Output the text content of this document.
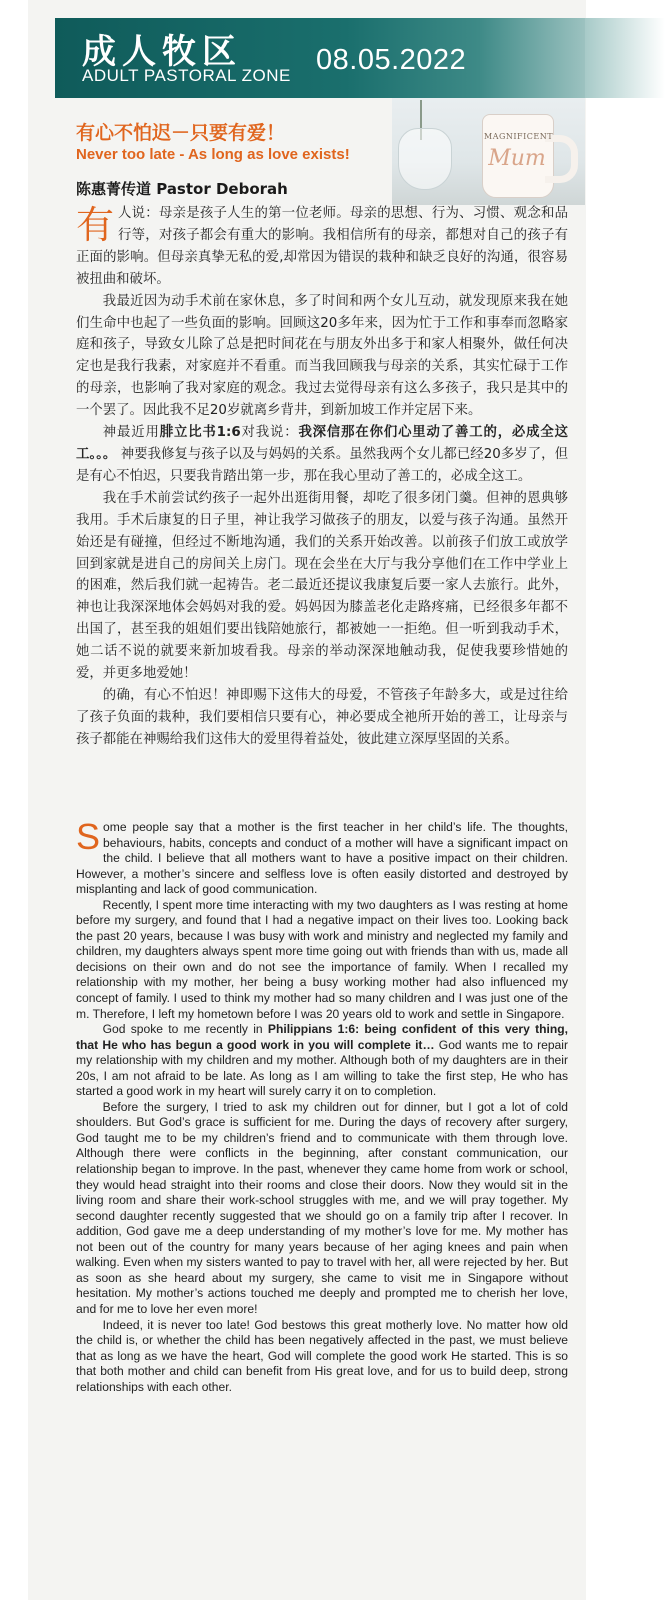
成人牧区
ADULT PASTORAL ZONE 08.05.2022
MAGNIFICENT
Mum
有心不怕迟－只要有爱！
Never too late - As long as love exists!
陈惠菁传道 Pastor Deborah

有人说：母亲是孩子人生的第一位老师。母亲的思想、行为、习惯、观念和品行等，对孩子都会有重大的影响。我相信所有的母亲，都想对自己的孩子有正面的影响。但母亲真挚无私的爱,却常因为错误的栽种和缺乏良好的沟通，很容易被扭曲和破坏。

我最近因为动手术前在家休息，多了时间和两个女儿互动，就发现原来我在她们生命中也起了一些负面的影响。回顾这20多年来，因为忙于工作和事奉而忽略家庭和孩子，导致女儿除了总是把时间花在与朋友外出多于和家人相聚外，做任何决定也是我行我素，对家庭并不看重。而当我回顾我与母亲的关系，其实忙碌于工作的母亲，也影响了我对家庭的观念。我过去觉得母亲有这么多孩子，我只是其中的一个罢了。因此我不足20岁就离乡背井，到新加坡工作并定居下来。

神最近用腓立比书1:6对我说：我深信那在你们心里动了善工的，必成全这工。。。 神要我修复与孩子以及与妈妈的关系。虽然我两个女儿都已经20多岁了，但是有心不怕迟，只要我肯踏出第一步，那在我心里动了善工的，必成全这工。

我在手术前尝试约孩子一起外出逛街用餐，却吃了很多闭门羹。但神的恩典够我用。手术后康复的日子里，神让我学习做孩子的朋友，以爱与孩子沟通。虽然开始还是有碰撞，但经过不断地沟通，我们的关系开始改善。以前孩子们放工或放学回到家就是进自己的房间关上房门。现在会坐在大厅与我分享他们在工作中学业上的困难，然后我们就一起祷告。老二最近还提议我康复后要一家人去旅行。此外，神也让我深深地体会妈妈对我的爱。妈妈因为膝盖老化走路疼痛，已经很多年都不出国了，甚至我的姐姐们要出钱陪她旅行，都被她一一拒绝。但一听到我动手术，她二话不说的就要来新加坡看我。母亲的举动深深地触动我，促使我要珍惜她的爱，并更多地爱她！

的确，有心不怕迟！神即赐下这伟大的母爱，不管孩子年龄多大，或是过往给了孩子负面的栽种，我们要相信只要有心，神必要成全祂所开始的善工，让母亲与孩子都能在神赐给我们这伟大的爱里得着益处，彼此建立深厚坚固的关系。

Some people say that a mother is the first teacher in her child’s life. The thoughts, behaviours, habits, concepts and conduct of a mother will have a significant impact on the child. I believe that all mothers want to have a positive impact on their children. However, a mother’s sincere and selfless love is often easily distorted and destroyed by misplanting and lack of good communication.

Recently, I spent more time interacting with my two daughters as I was resting at home before my surgery, and found that I had a negative impact on their lives too. Looking back the past 20 years, because I was busy with work and ministry and neglected my family and children, my daughters always spent more time going out with friends than with us, made all decisions on their own and do not see the importance of family. When I recalled my relationship with my mother, her being a busy working mother had also influenced my concept of family. I used to think my mother had so many children and I was just one of the m. Therefore, I left my hometown before I was 20 years old to work and settle in Singapore.

God spoke to me recently in Philippians 1:6: being confident of this very thing, that He who has begun a good work in you will complete it… God wants me to repair my relationship with my children and my mother. Although both of my daughters are in their 20s, I am not afraid to be late. As long as I am willing to take the first step, He who has started a good work in my heart will surely carry it on to completion.

Before the surgery, I tried to ask my children out for dinner, but I got a lot of cold shoulders. But God’s grace is sufficient for me. During the days of recovery after surgery, God taught me to be my children’s friend and to communicate with them through love. Although there were conflicts in the beginning, after constant communication, our relationship began to improve. In the past, whenever they came home from work or school, they would head straight into their rooms and close their doors. Now they would sit in the living room and share their work-school struggles with me, and we will pray together. My second daughter recently suggested that we should go on a family trip after I recover. In addition, God gave me a deep understanding of my mother’s love for me. My mother has not been out of the country for many years because of her aging knees and pain when walking. Even when my sisters wanted to pay to travel with her, all were rejected by her. But as soon as she heard about my surgery, she came to visit me in Singapore without hesitation. My mother’s actions touched me deeply and prompted me to cherish her love, and for me to love her even more!

Indeed, it is never too late! God bestows this great motherly love. No matter how old the child is, or whether the child has been negatively affected in the past, we must believe that as long as we have the heart, God will complete the good work He started. This is so that both mother and child can benefit from His great love, and for us to build deep, strong relationships with each other.
